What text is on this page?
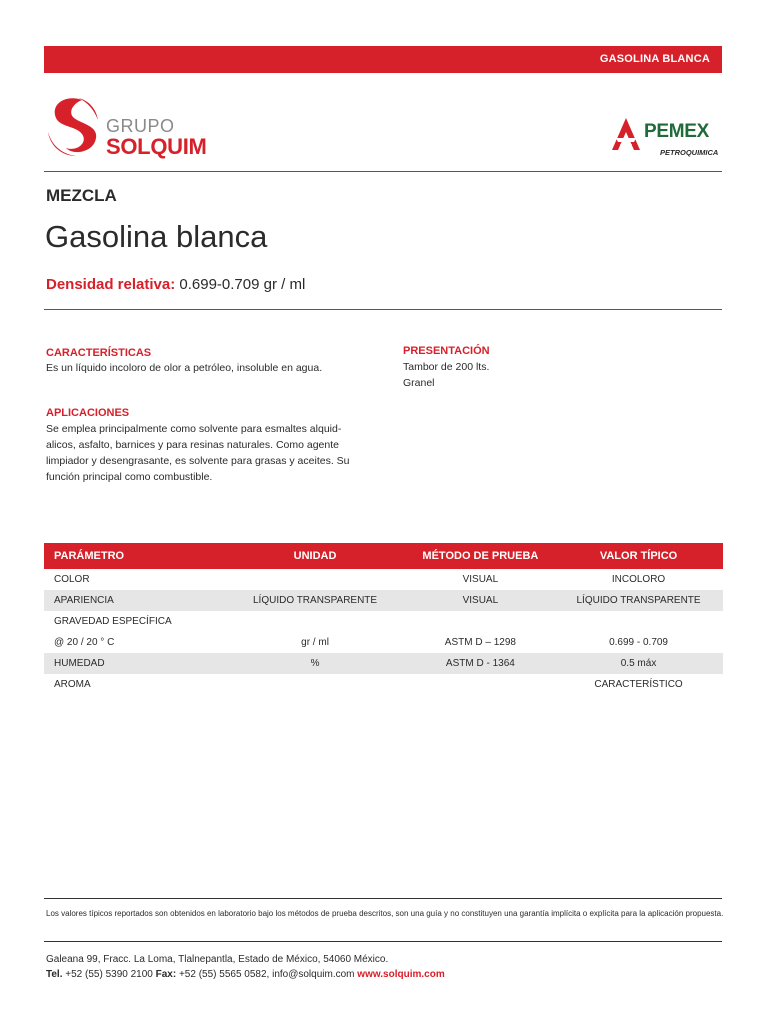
GASOLINA BLANCA
GRUPO
SOLQUIM
PEMEX
PETROQUIMICA
MEZCLA
Gasolina blanca
Densidad relativa: 0.699-0.709 gr / ml
CARACTERÍSTICAS
Es un líquido incoloro de olor a petróleo, insoluble en agua.
APLICACIONES
Se emplea principalmente como solvente para esmaltes alquid-
alicos, asfalto, barnices y para resinas naturales. Como agente
limpiador y desengrasante, es solvente para grasas y aceites. Su
función principal como combustible.
PRESENTACIÓN
Tambor de 200 lts.
Granel
PARÁMETRO	UNIDAD	MÉTODO DE PRUEBA	VALOR TÍPICO
COLOR		VISUAL	INCOLORO
APARIENCIA	LÍQUIDO TRANSPARENTE	VISUAL	LÍQUIDO TRANSPARENTE
GRAVEDAD ESPECÍFICA			
@ 20 / 20 ° C	gr / ml	ASTM D – 1298	0.699 - 0.709
HUMEDAD	%	ASTM D - 1364	0.5 máx
AROMA			CARACTERÍSTICO
Los valores típicos reportados son obtenidos en laboratorio bajo los métodos de prueba descritos, son una guía y no constituyen una garantía implícita o explícita para la aplicación propuesta.
Galeana 99, Fracc. La Loma, Tlalnepantla, Estado de México, 54060 México.
Tel. +52 (55) 5390 2100 Fax: +52 (55) 5565 0582, info@solquim.com www.solquim.com
